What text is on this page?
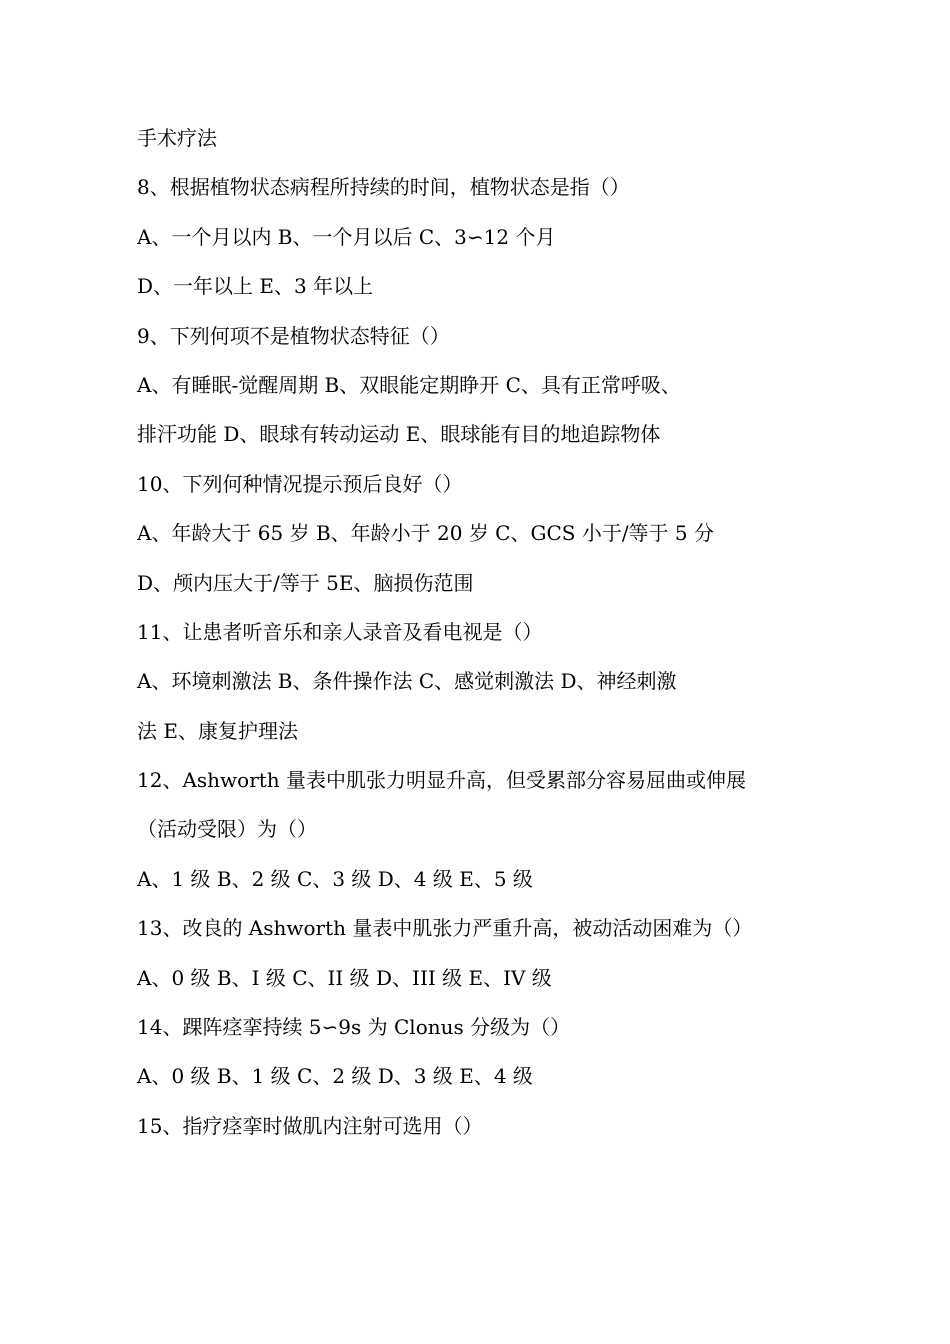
手术疗法
8、根据植物状态病程所持续的时间，植物状态是指（）
A、一个月以内 B、一个月以后 C、3∽12 个月
D、一年以上 E、3 年以上
9、下列何项不是植物状态特征（）
A、有睡眠-觉醒周期 B、双眼能定期睁开 C、具有正常呼吸、
排汗功能 D、眼球有转动运动 E、眼球能有目的地追踪物体
10、下列何种情况提示预后良好（）
A、年龄大于 65 岁 B、年龄小于 20 岁 C、GCS 小于/等于 5 分
D、颅内压大于/等于 5E、脑损伤范围
11、让患者听音乐和亲人录音及看电视是（）
A、环境刺激法 B、条件操作法 C、感觉刺激法 D、神经刺激
法 E、康复护理法
12、Ashworth 量表中肌张力明显升高，但受累部分容易屈曲或伸展
（活动受限）为（）
A、1 级 B、2 级 C、3 级 D、4 级 E、5 级
13、改良的 Ashworth 量表中肌张力严重升高，被动活动困难为（）
A、0 级 B、I 级 C、II 级 D、III 级 E、IV 级
14、踝阵痉挛持续 5∽9s 为 Clonus 分级为（）
A、0 级 B、1 级 C、2 级 D、3 级 E、4 级
15、指疗痉挛时做肌内注射可选用（）
